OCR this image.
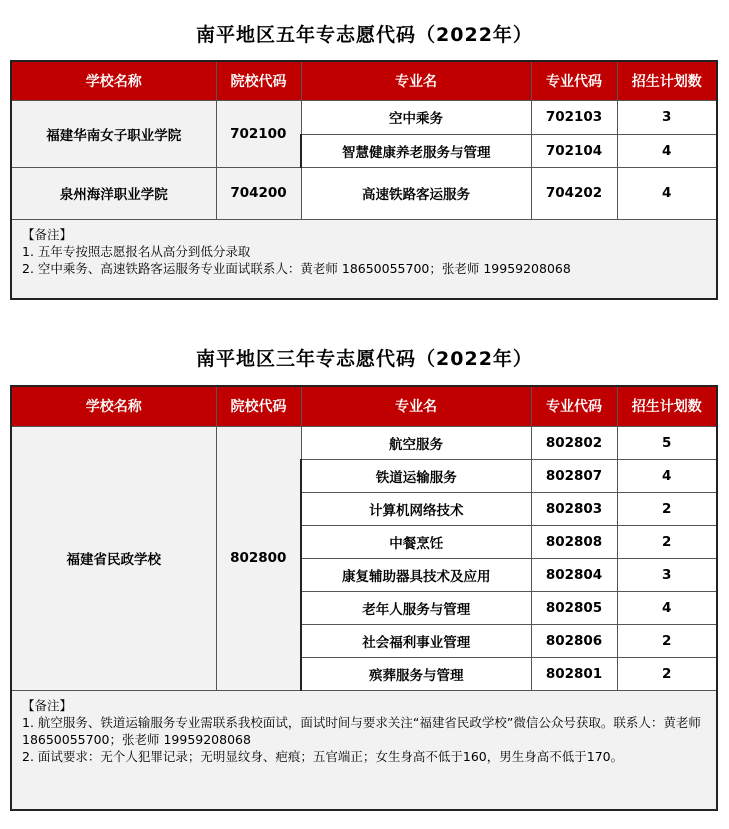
南平地区五年专志愿代码（2022年）
学校名称	院校代码	专业名	专业代码	招生计划数
福建华南女子职业学院	702100	空中乘务	702103	3
		智慧健康养老服务与管理	702104	4
泉州海洋职业学院	704200	高速铁路客运服务	704202	4

【备注】
1. 五年专按照志愿报名从高分到低分录取
2. 空中乘务、高速铁路客运服务专业面试联系人：黄老师 18650055700；张老师 19959208068				
南平地区三年专志愿代码（2022年）
学校名称	院校代码	专业名	专业代码	招生计划数
福建省民政学校	802800	航空服务	802802	5
		铁道运输服务	802807	4
		计算机网络技术	802803	2
		中餐烹饪	802808	2
		康复辅助器具技术及应用	802804	3
		老年人服务与管理	802805	4
		社会福利事业管理	802806	2
		殡葬服务与管理	802801	2

【备注】
1. 航空服务、铁道运输服务专业需联系我校面试，面试时间与要求关注“福建省民政学校”微信公众号获取。联系人：黄老师 18650055700；张老师 19959208068
2. 面试要求：无个人犯罪记录；无明显纹身、疤痕；五官端正；女生身高不低于160，男生身高不低于170。				
